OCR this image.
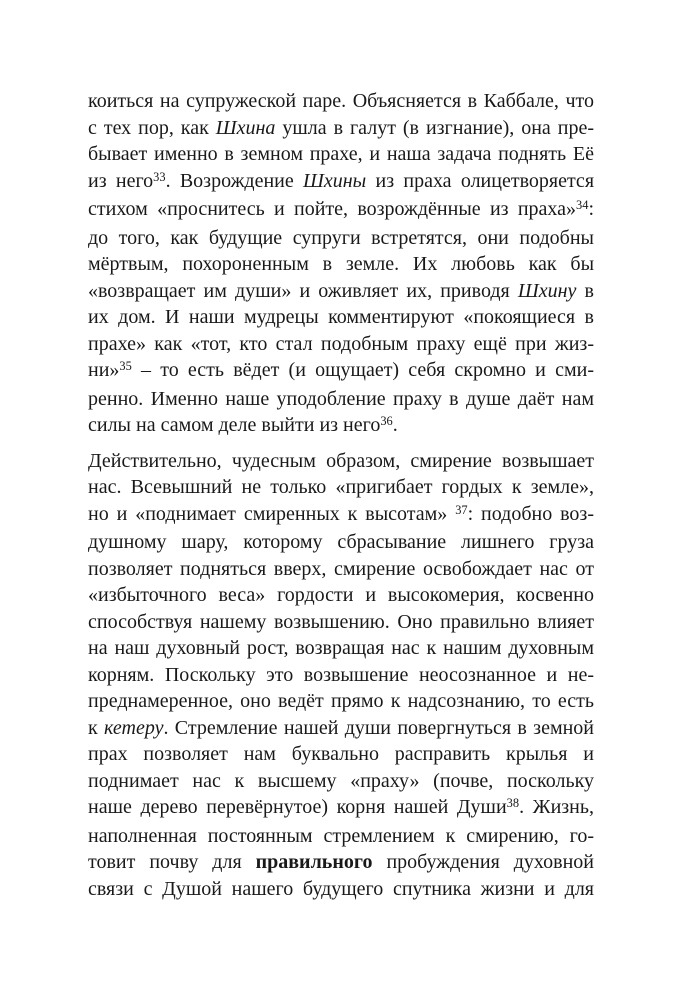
коиться на супружеской паре. Объясняется в Каббале, что
с тех пор, как Шхина ушла в галут (в изгнание), она пре-
бывает именно в земном прахе, и наша задача поднять Её
из него$^{33}$. Возрождение Шхины из праха олицетворяется
стихом «проснитесь и пойте, возрождённые из праха»$^{34}$:
до того, как будущие супруги встретятся, они подобны
мёртвым, похороненным в земле. Их любовь как бы
«возвращает им души» и оживляет их, приводя Шхину в
их дом. И наши мудрецы комментируют «покоящиеся в
прахе» как «тот, кто стал подобным праху ещё при жиз-
ни»$^{35}$ – то есть вёдет (и ощущает) себя скромно и сми-
ренно. Именно наше уподобление праху в душе даёт нам
силы на самом деле выйти из него$^{36}$.
Действительно, чудесным образом, смирение возвышает
нас. Всевышний не только «пригибает гордых к земле»,
но и «поднимает смиренных к высотам» $^{37}$: подобно воз-
душному шару, которому сбрасывание лишнего груза
позволяет подняться вверх, смирение освобождает нас от
«избыточного веса» гордости и высокомерия, косвенно
способствуя нашему возвышению. Оно правильно влияет
на наш духовный рост, возвращая нас к нашим духовным
корням. Поскольку это возвышение неосознанное и не-
преднамеренное, оно ведёт прямо к надсознанию, то есть
к кетеру. Стремление нашей души повергнуться в земной
прах позволяет нам буквально расправить крылья и
поднимает нас к высшему «праху» (почве, поскольку
наше дерево перевёрнутое) корня нашей Души$^{38}$. Жизнь,
наполненная постоянным стремлением к смирению, го-
товит почву для правильного пробуждения духовной
связи с Душой нашего будущего спутника жизни и для
